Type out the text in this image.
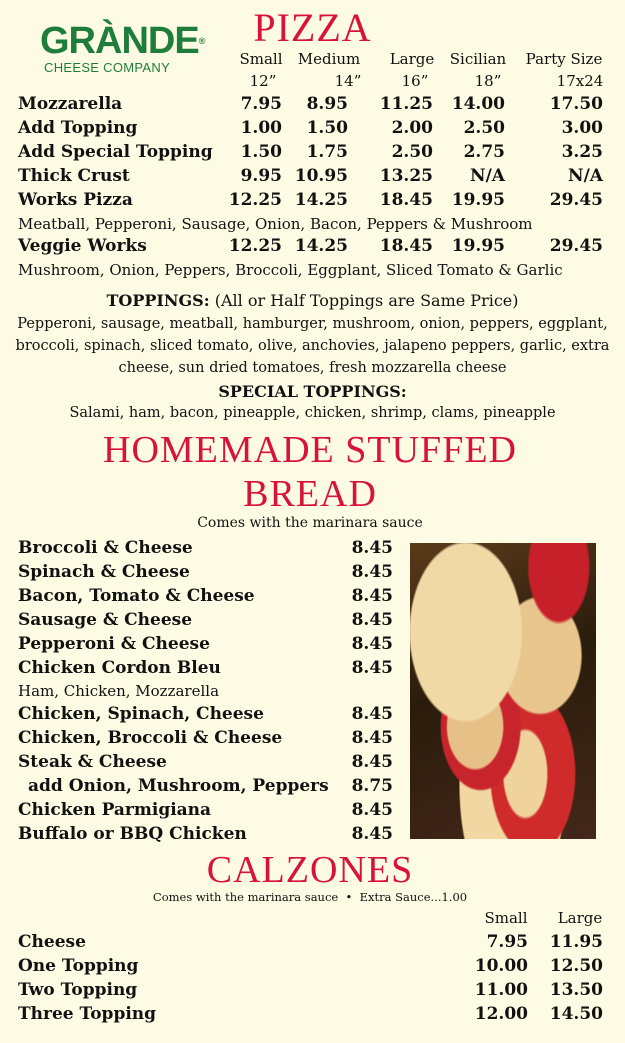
GRÀNDE®
CHEESE COMPANY
PIZZA
Small	Medium	Large	Sicilian	Party Size
12”	14”	16”	18”	17x24
Mozzarella	7.95 8.95 11.25 14.00	17.50
Add Topping	1.00 1.50	2.00 2.50	3.00
Add Special Topping 1.50 1.75	2.50 2.75	3.25
Thick Crust	9.95 10.95 13.25 N/A	N/A
Works Pizza	12.25 14.25 18.45 19.95	29.45
Meatball, Pepperoni, Sausage, Onion, Bacon, Peppers & Mushroom
Veggie Works	12.25 14.25 18.45 19.95	29.45
Mushroom, Onion, Peppers, Broccoli, Eggplant, Sliced Tomato & Garlic
TOPPINGS: (All or Half Toppings are Same Price)
Pepperoni, sausage, meatball, hamburger, mushroom, onion, peppers, eggplant,
broccoli, spinach, sliced tomato, olive, anchovies, jalapeno peppers, garlic, extra
cheese, sun dried tomatoes, fresh mozzarella cheese
SPECIAL TOPPINGS:
Salami, ham, bacon, pineapple, chicken, shrimp, clams, pineapple
HOMEMADE STUFFED
BREAD
Comes with the marinara sauce
Broccoli & Cheese	8.45
Spinach & Cheese	8.45
Bacon, Tomato & Cheese	8.45
Sausage & Cheese	8.45
Pepperoni & Cheese	8.45
Chicken Cordon Bleu	8.45
Ham, Chicken, Mozzarella
Chicken, Spinach, Cheese	8.45
Chicken, Broccoli & Cheese	8.45
Steak & Cheese	8.45
add Onion, Mushroom, Peppers 8.75
Chicken Parmigiana	8.45
Buffalo or BBQ Chicken	8.45
CALZONES
Comes with the marinara sauce  •  Extra Sauce...1.00
Small	Large
Cheese	7.95 11.95
One Topping	10.00 12.50
Two Topping	11.00 13.50
Three Topping	12.00 14.50
